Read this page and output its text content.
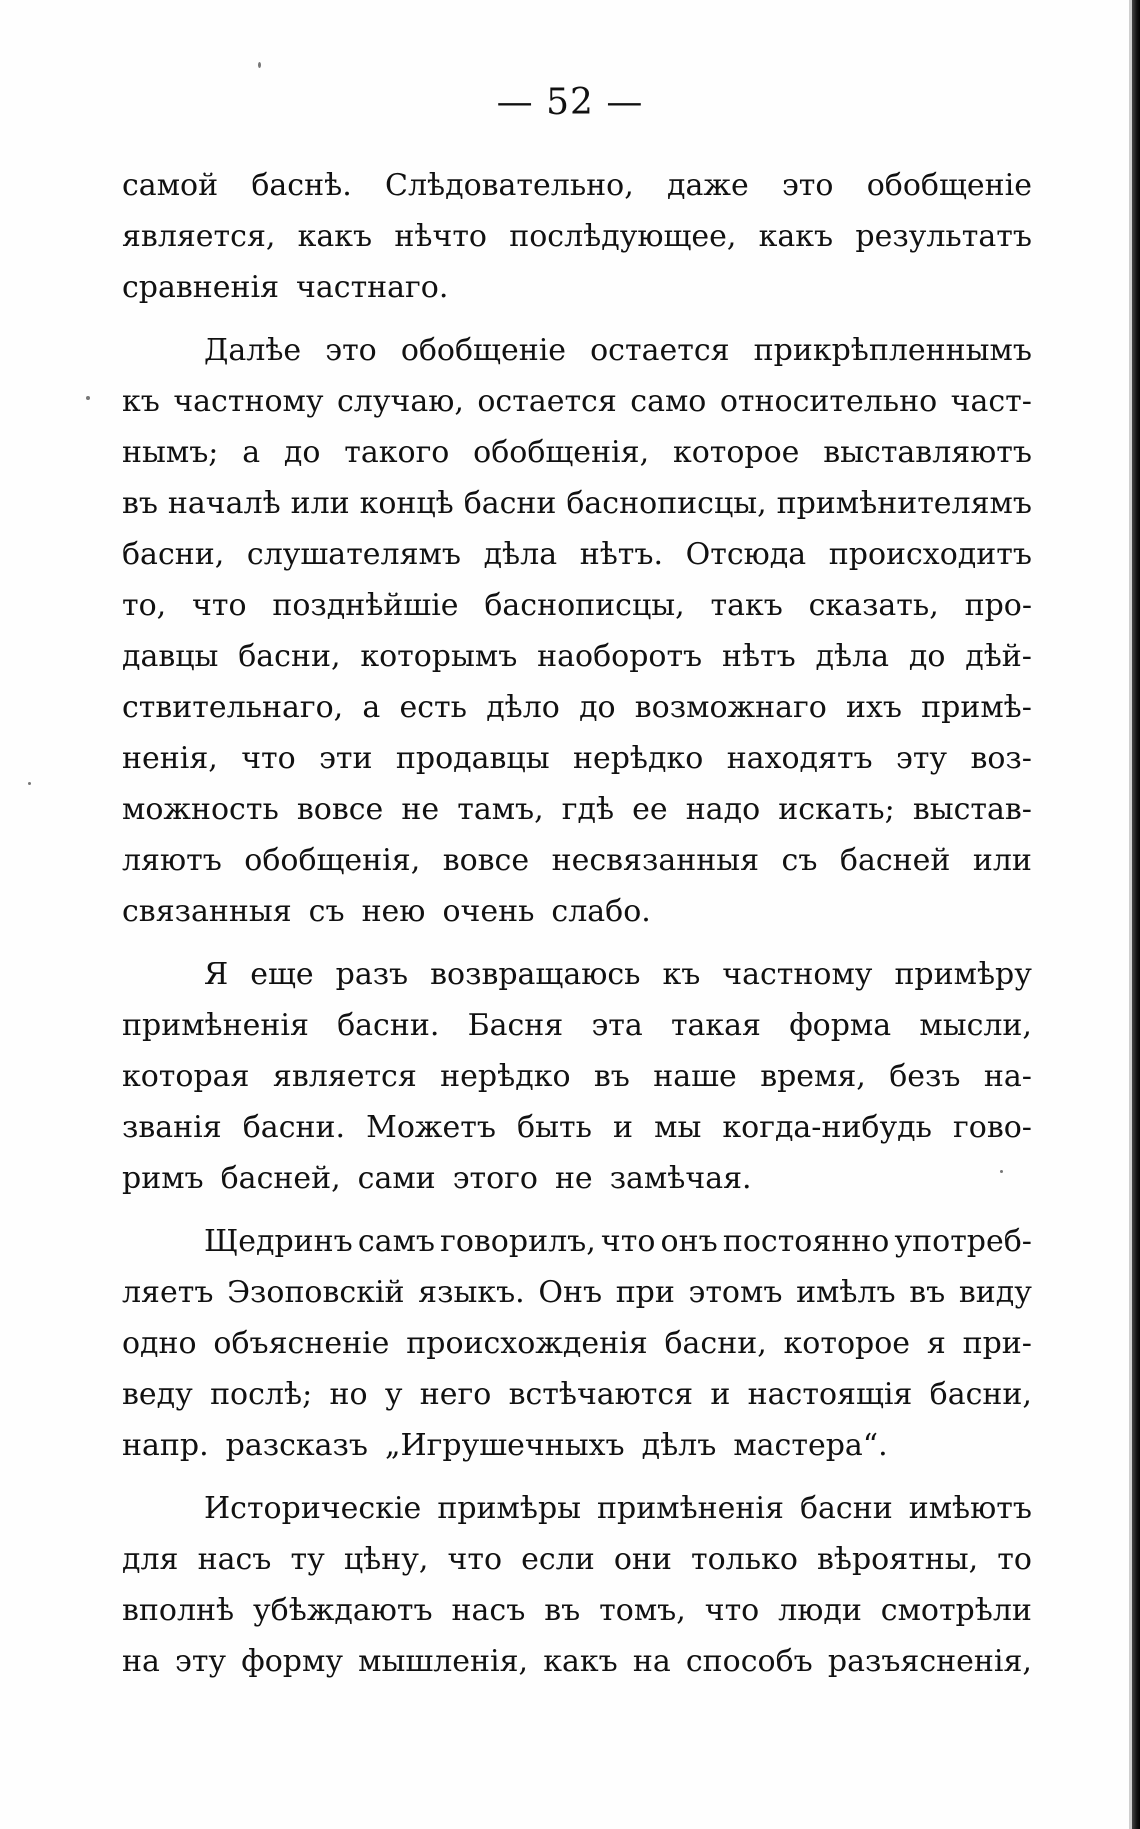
— 52 —
самой баснѣ. Слѣдовательно, даже это обобщеніе
является, какъ нѣчто послѣдующее, какъ результатъ
сравненія частнаго.
Далѣе это обобщеніе остается прикрѣпленнымъ
къ частному случаю, остается само относительно част-
нымъ; а до такого обобщенія, которое выставляютъ
въ началѣ или концѣ басни баснописцы, примѣнителямъ
басни, слушателямъ дѣла нѣтъ. Отсюда происходитъ
то, что позднѣйшіе баснописцы, такъ сказать, про-
давцы басни, которымъ наоборотъ нѣтъ дѣла до дѣй-
ствительнаго, а есть дѣло до возможнаго ихъ примѣ-
ненія, что эти продавцы нерѣдко находятъ эту воз-
можность вовсе не тамъ, гдѣ ее надо искать; выстав-
ляютъ обобщенія, вовсе несвязанныя съ басней или
связанныя съ нею очень слабо.
Я еще разъ возвращаюсь къ частному примѣру
примѣненія басни. Басня эта такая форма мысли,
которая является нерѣдко въ наше время, безъ на-
званія басни. Можетъ быть и мы когда-нибудь гово-
римъ басней, сами этого не замѣчая.
Щедринъ самъ говорилъ, что онъ постоянно употреб-
ляетъ Эзоповскій языкъ. Онъ при этомъ имѣлъ въ виду
одно объясненіе происхожденія басни, которое я при-
веду послѣ; но у него встѣчаются и настоящія басни,
напр. разсказъ „Игрушечныхъ дѣлъ мастера“.
Историческіе примѣры примѣненія басни имѣютъ
для насъ ту цѣну, что если они только вѣроятны, то
вполнѣ убѣждаютъ насъ въ томъ, что люди смотрѣли
на эту форму мышленія, какъ на способъ разъясненія,
